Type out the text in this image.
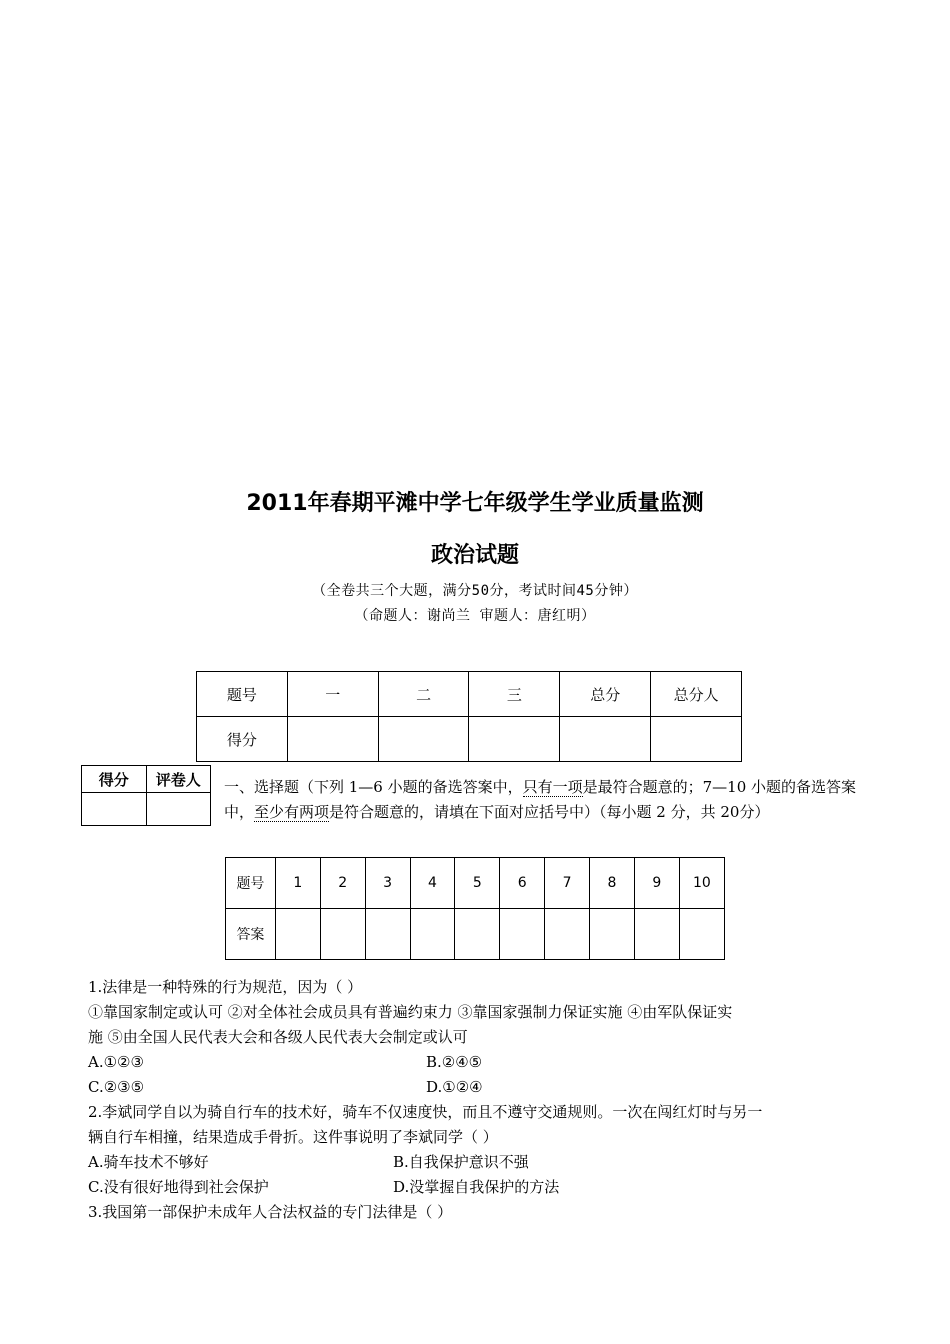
2011年春期平滩中学七年级学生学业质量监测
政治试题
（全卷共三个大题，满分50分，考试时间45分钟）
（命题人：谢尚兰 审题人：唐红明）
题号	一	二	三	总分	总分人
得分					
得分	评卷人
	一、选择题（下列 1—6 小题的备选答案中，只有一项是最符合题意的；7—10 小题的备选答案中，至少有两项是符合题意的，请填在下面对应括号中）（每小题 2 分，共 20分）
题号	1	2	3	4	5	6	7	8	9	10
答案										
1.法律是一种特殊的行为规范，因为（ ）
①靠国家制定或认可 ②对全体社会成员具有普遍约束力 ③靠国家强制力保证实施 ④由军队保证实
施 ⑤由全国人民代表大会和各级人民代表大会制定或认可
A.①②③	B.②④⑤
C.②③⑤	D.①②④
2.李斌同学自以为骑自行车的技术好，骑车不仅速度快，而且不遵守交通规则。一次在闯红灯时与另一
辆自行车相撞，结果造成手骨折。这件事说明了李斌同学（ ）
A.骑车技术不够好	B.自我保护意识不强
C.没有很好地得到社会保护	D.没掌握自我保护的方法
3.我国第一部保护未成年人合法权益的专门法律是（ ）
